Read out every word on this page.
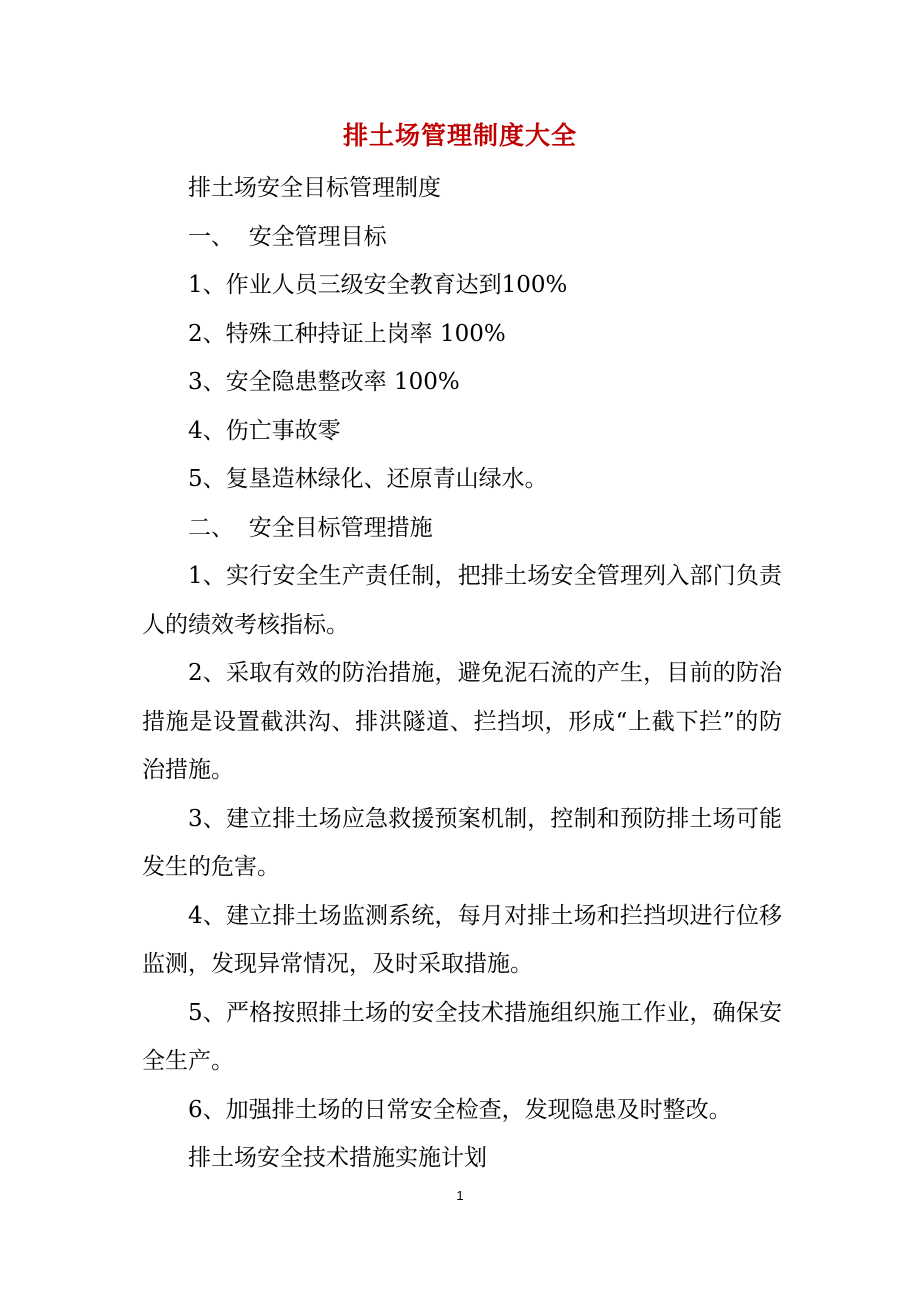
排土场管理制度大全

排土场安全目标管理制度

一、  安全管理目标

1、作业人员三级安全教育达到100%

2、特殊工种持证上岗率 100%

3、安全隐患整改率 100%

4、伤亡事故零

5、复垦造林绿化、还原青山绿水。

二、  安全目标管理措施

1、实行安全生产责任制，把排土场安全管理列入部门负责人的绩效考核指标。

2、采取有效的防治措施，避免泥石流的产生，目前的防治措施是设置截洪沟、排洪隧道、拦挡坝，形成“上截下拦”的防治措施。

3、建立排土场应急救援预案机制，控制和预防排土场可能发生的危害。

4、建立排土场监测系统，每月对排土场和拦挡坝进行位移监测，发现异常情况，及时采取措施。

5、严格按照排土场的安全技术措施组织施工作业，确保安全生产。

6、加强排土场的日常安全检查，发现隐患及时整改。

排土场安全技术措施实施计划

1
